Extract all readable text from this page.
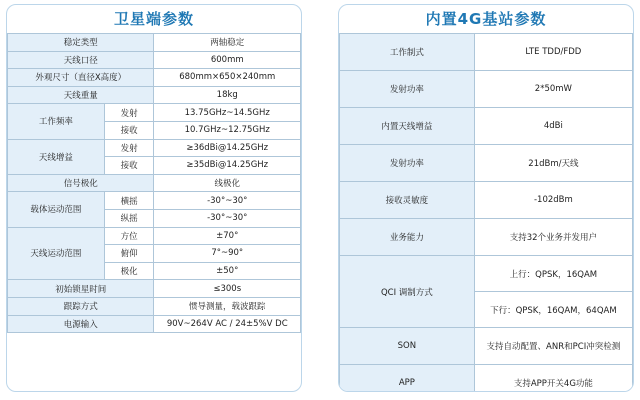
卫星端参数
稳定类型		两轴稳定
天线口径		600mm
外观尺寸（直径X高度）		680mm×650×240mm
天线重量		18kg
工作频率	发射	13.75GHz~14.5GHz
	接收	10.7GHz~12.75GHz
天线增益	发射	≥36dBi@14.25GHz
	接收	≥35dBi@14.25GHz
信号极化		线极化
载体运动范围	横摇	-30°~30°
	纵摇	-30°~30°
天线运动范围	方位	±70°
	俯仰	7°~90°
	极化	±50°
初始锁星时间		≤300s
跟踪方式		惯导测量，载波跟踪
电源输入		90V~264V AC / 24±5%V DC
内置4G基站参数
工作制式	LTE TDD/FDD
发射功率	2*50mW
内置天线增益	4dBi
发射功率	21dBm/天线
接收灵敏度	-102dBm
业务能力	支持32个业务并发用户
QCI 调制方式	上行：QPSK，16QAM
	下行：QPSK，16QAM，64QAM
SON	支持自动配置、ANR和PCI冲突检测
APP	支持APP开关4G功能
